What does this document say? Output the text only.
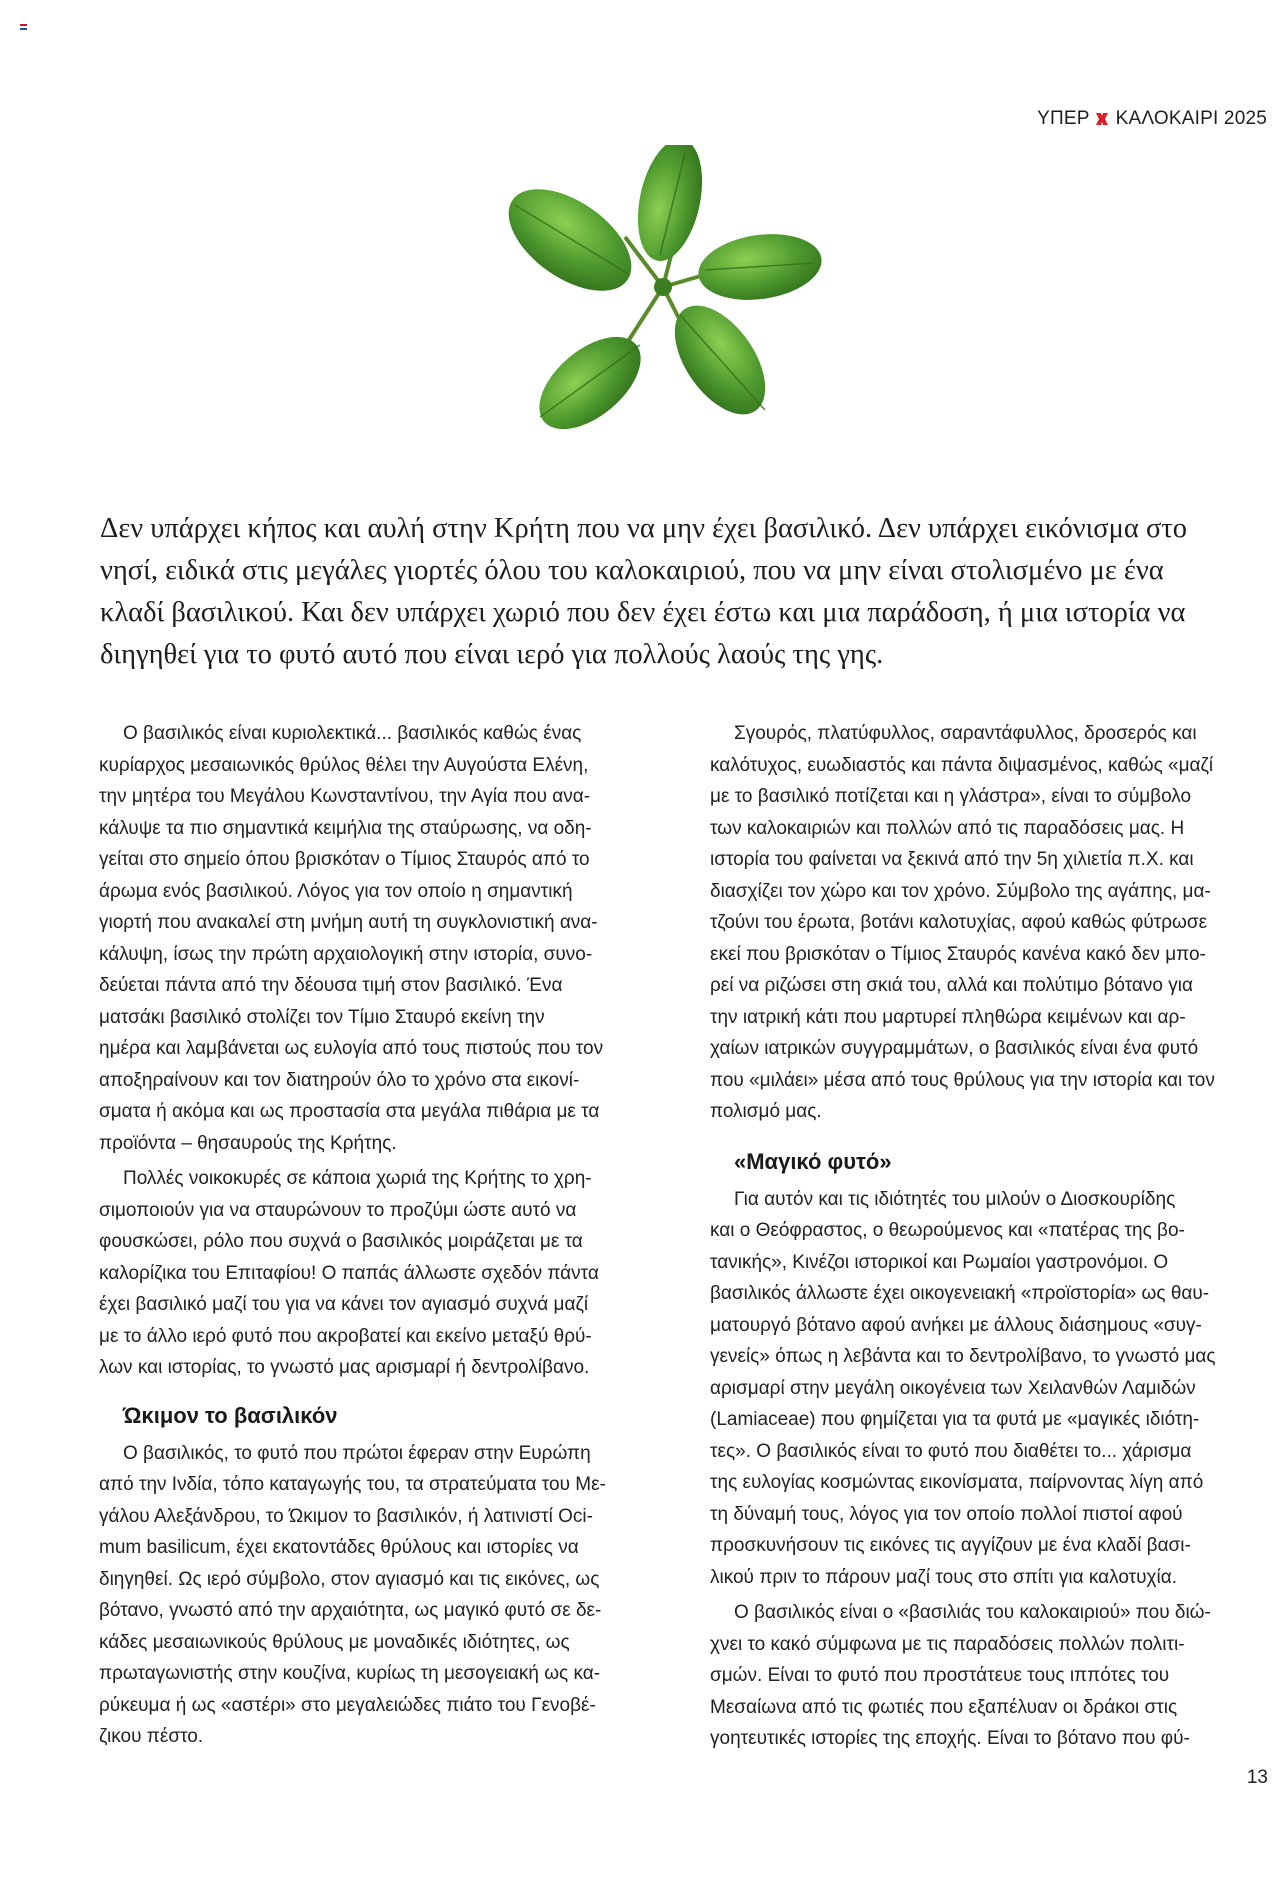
ΥΠΕΡ ΚΑΛΟΚΑΙΡΙ 2025

Δεν υπάρχει κήπος και αυλή στην Κρήτη που να μην έχει βασιλικό. Δεν υπάρχει εικόνισμα στο
νησί, ειδικά στις μεγάλες γιορτές όλου του καλοκαιριού, που να μην είναι στολισμένο με ένα
κλαδί βασιλικού. Και δεν υπάρχει χωριό που δεν έχει έστω και μια παράδοση, ή μια ιστορία να
διηγηθεί για το φυτό αυτό που είναι ιερό για πολλούς λαούς της γης.

Ο βασιλικός είναι κυριολεκτικά... βασιλικός καθώς ένας
κυρίαρχος μεσαιωνικός θρύλος θέλει την Αυγούστα Ελένη,
την μητέρα του Μεγάλου Κωνσταντίνου, την Αγία που ανα-
κάλυψε τα πιο σημαντικά κειμήλια της σταύρωσης, να οδη-
γείται στο σημείο όπου βρισκόταν ο Τίμιος Σταυρός από το
άρωμα ενός βασιλικού. Λόγος για τον οποίο η σημαντική
γιορτή που ανακαλεί στη μνήμη αυτή τη συγκλονιστική ανα-
κάλυψη, ίσως την πρώτη αρχαιολογική στην ιστορία, συνο-
δεύεται πάντα από την δέουσα τιμή στον βασιλικό. Ένα
ματσάκι βασιλικό στολίζει τον Τίμιο Σταυρό εκείνη την
ημέρα και λαμβάνεται ως ευλογία από τους πιστούς που τον
αποξηραίνουν και τον διατηρούν όλο το χρόνο στα εικονί-
σματα ή ακόμα και ως προστασία στα μεγάλα πιθάρια με τα
προϊόντα – θησαυρούς της Κρήτης.
Πολλές νοικοκυρές σε κάποια χωριά της Κρήτης το χρη-
σιμοποιούν για να σταυρώνουν το προζύμι ώστε αυτό να
φουσκώσει, ρόλο που συχνά ο βασιλικός μοιράζεται με τα
καλορίζικα του Επιταφίου! Ο παπάς άλλωστε σχεδόν πάντα
έχει βασιλικό μαζί του για να κάνει τον αγιασμό συχνά μαζί
με το άλλο ιερό φυτό που ακροβατεί και εκείνο μεταξύ θρύ-
λων και ιστορίας, το γνωστό μας αρισμαρί ή δεντρολίβανο.
Ώκιμον το βασιλικόν
Ο βασιλικός, το φυτό που πρώτοι έφεραν στην Ευρώπη
από την Ινδία, τόπο καταγωγής του, τα στρατεύματα του Με-
γάλου Αλεξάνδρου, το Ώκιμον το βασιλικόν, ή λατινιστί Oci-
mum basilicum, έχει εκατοντάδες θρύλους και ιστορίες να
διηγηθεί. Ως ιερό σύμβολο, στον αγιασμό και τις εικόνες, ως
βότανο, γνωστό από την αρχαιότητα, ως μαγικό φυτό σε δε-
κάδες μεσαιωνικούς θρύλους με μοναδικές ιδιότητες, ως
πρωταγωνιστής στην κουζίνα, κυρίως τη μεσογειακή ως κα-
ρύκευμα ή ως «αστέρι» στο μεγαλειώδες πιάτο του Γενοβέ-
ζικου πέστο.
Σγουρός, πλατύφυλλος, σαραντάφυλλος, δροσερός και
καλότυχος, ευωδιαστός και πάντα διψασμένος, καθώς «μαζί
με το βασιλικό ποτίζεται και η γλάστρα», είναι το σύμβολο
των καλοκαιριών και πολλών από τις παραδόσεις μας. Η
ιστορία του φαίνεται να ξεκινά από την 5η χιλιετία π.Χ. και
διασχίζει τον χώρο και τον χρόνο. Σύμβολο της αγάπης, μα-
τζούνι του έρωτα, βοτάνι καλοτυχίας, αφού καθώς φύτρωσε
εκεί που βρισκόταν ο Τίμιος Σταυρός κανένα κακό δεν μπο-
ρεί να ριζώσει στη σκιά του, αλλά και πολύτιμο βότανο για
την ιατρική κάτι που μαρτυρεί πληθώρα κειμένων και αρ-
χαίων ιατρικών συγγραμμάτων, ο βασιλικός είναι ένα φυτό
που «μιλάει» μέσα από τους θρύλους για την ιστορία και τον
πολισμό μας.
«Μαγικό φυτό»
Για αυτόν και τις ιδιότητές του μιλούν ο Διοσκουρίδης
και ο Θεόφραστος, ο θεωρούμενος και «πατέρας της βο-
τανικής», Κινέζοι ιστορικοί και Ρωμαίοι γαστρονόμοι. Ο
βασιλικός άλλωστε έχει οικογενειακή «προϊστορία» ως θαυ-
ματουργό βότανο αφού ανήκει με άλλους διάσημους «συγ-
γενείς» όπως η λεβάντα και το δεντρολίβανο, το γνωστό μας
αρισμαρί στην μεγάλη οικογένεια των Χειλανθών Λαμιδών
(Lamiaceae) που φημίζεται για τα φυτά με «μαγικές ιδιότη-
τες». Ο βασιλικός είναι το φυτό που διαθέτει το... χάρισμα
της ευλογίας κοσμώντας εικονίσματα, παίρνοντας λίγη από
τη δύναμή τους, λόγος για τον οποίο πολλοί πιστοί αφού
προσκυνήσουν τις εικόνες τις αγγίζουν με ένα κλαδί βασι-
λικού πριν το πάρουν μαζί τους στο σπίτι για καλοτυχία.
Ο βασιλικός είναι ο «βασιλιάς του καλοκαιριού» που διώ-
χνει το κακό σύμφωνα με τις παραδόσεις πολλών πολιτι-
σμών. Είναι το φυτό που προστάτευε τους ιππότες του
Μεσαίωνα από τις φωτιές που εξαπέλυαν οι δράκοι στις
γοητευτικές ιστορίες της εποχής. Είναι το βότανο που φύ-
13
